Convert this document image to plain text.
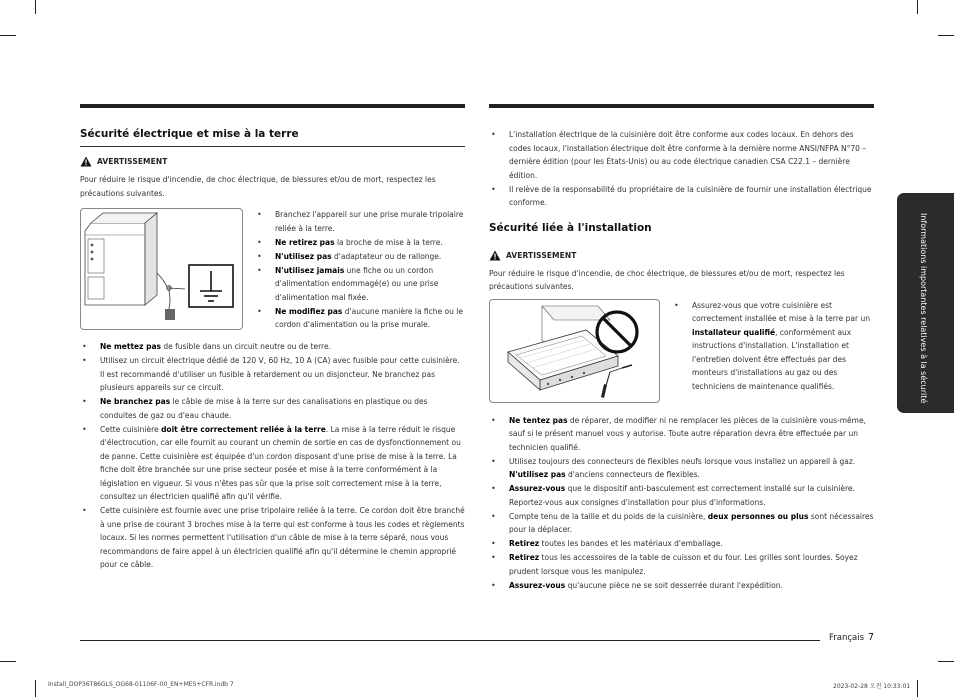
Sécurité électrique et mise à la terre
AVERTISSEMENT
Pour réduire le risque d'incendie, de choc électrique, de blessures et/ou de mort, respectez les précautions suivantes.
• Branchez l'appareil sur une prise murale tripolaire reliée à la terre.
• Ne retirez pas la broche de mise à la terre.
• N'utilisez pas d'adaptateur ou de rallonge.
• N'utilisez jamais une fiche ou un cordon d'alimentation endommagé(e) ou une prise d'alimentation mal fixée.
• Ne modifiez pas d'aucune manière la fiche ou le cordon d'alimentation ou la prise murale.
• Ne mettez pas de fusible dans un circuit neutre ou de terre.
• Utilisez un circuit électrique dédié de 120 V, 60 Hz, 10 A (CA) avec fusible pour cette cuisinière. Il est recommandé d'utiliser un fusible à retardement ou un disjoncteur. Ne branchez pas plusieurs appareils sur ce circuit.
• Ne branchez pas le câble de mise à la terre sur des canalisations en plastique ou des conduites de gaz ou d'eau chaude.
• Cette cuisinière doit être correctement reliée à la terre. La mise à la terre réduit le risque d'électrocution, car elle fournit au courant un chemin de sortie en cas de dysfonctionnement ou de panne. Cette cuisinière est équipée d'un cordon disposant d'une prise de mise à la terre. La fiche doit être branchée sur une prise secteur posée et mise à la terre conformément à la législation en vigueur. Si vous n'êtes pas sûr que la prise soit correctement mise à la terre, consultez un électricien qualifié afin qu'il vérifie.
• Cette cuisinière est fournie avec une prise tripolaire reliée à la terre. Ce cordon doit être branché à une prise de courant 3 broches mise à la terre qui est conforme à tous les codes et règlements locaux. Si les normes permettent l'utilisation d'un câble de mise à la terre séparé, nous vous recommandons de faire appel à un électricien qualifié afin qu'il détermine le chemin approprié pour ce câble.
• L'installation électrique de la cuisinière doit être conforme aux codes locaux. En dehors des codes locaux, l'installation électrique doit être conforme à la dernière norme ANSI/NFPA N°70 – dernière édition (pour les États-Unis) ou au code électrique canadien CSA C22.1 – dernière édition.
• Il relève de la responsabilité du propriétaire de la cuisinière de fournir une installation électrique conforme.
Sécurité liée à l'installation
AVERTISSEMENT
Pour réduire le risque d'incendie, de choc électrique, de blessures et/ou de mort, respectez les précautions suivantes.
• Assurez-vous que votre cuisinière est correctement installée et mise à la terre par un installateur qualifié, conformément aux instructions d'installation. L'installation et l'entretien doivent être effectués par des monteurs d'installations au gaz ou des techniciens de maintenance qualifiés.
• Ne tentez pas de réparer, de modifier ni ne remplacer les pièces de la cuisinière vous-même, sauf si le présent manuel vous y autorise. Toute autre réparation devra être effectuée par un technicien qualifié.
• Utilisez toujours des connecteurs de flexibles neufs lorsque vous installez un appareil à gaz. N'utilisez pas d'anciens connecteurs de flexibles.
• Assurez-vous que le dispositif anti-basculement est correctement installé sur la cuisinière. Reportez-vous aux consignes d'installation pour plus d'informations.
• Compte tenu de la taille et du poids de la cuisinière, deux personnes ou plus sont nécessaires pour la déplacer.
• Retirez toutes les bandes et les matériaux d'emballage.
• Retirez tous les accessoires de la table de cuisson et du four. Les grilles sont lourdes. Soyez prudent lorsque vous les manipulez.
• Assurez-vous qu'aucune pièce ne se soit desserrée durant l'expédition.
Informations importantes relatives à la sécurité
Français 7
Install_DOP36T86GLS_OG68-01106F-00_EN+MES+CFR.indb 7	2023-02-28 오전 10:33:01
